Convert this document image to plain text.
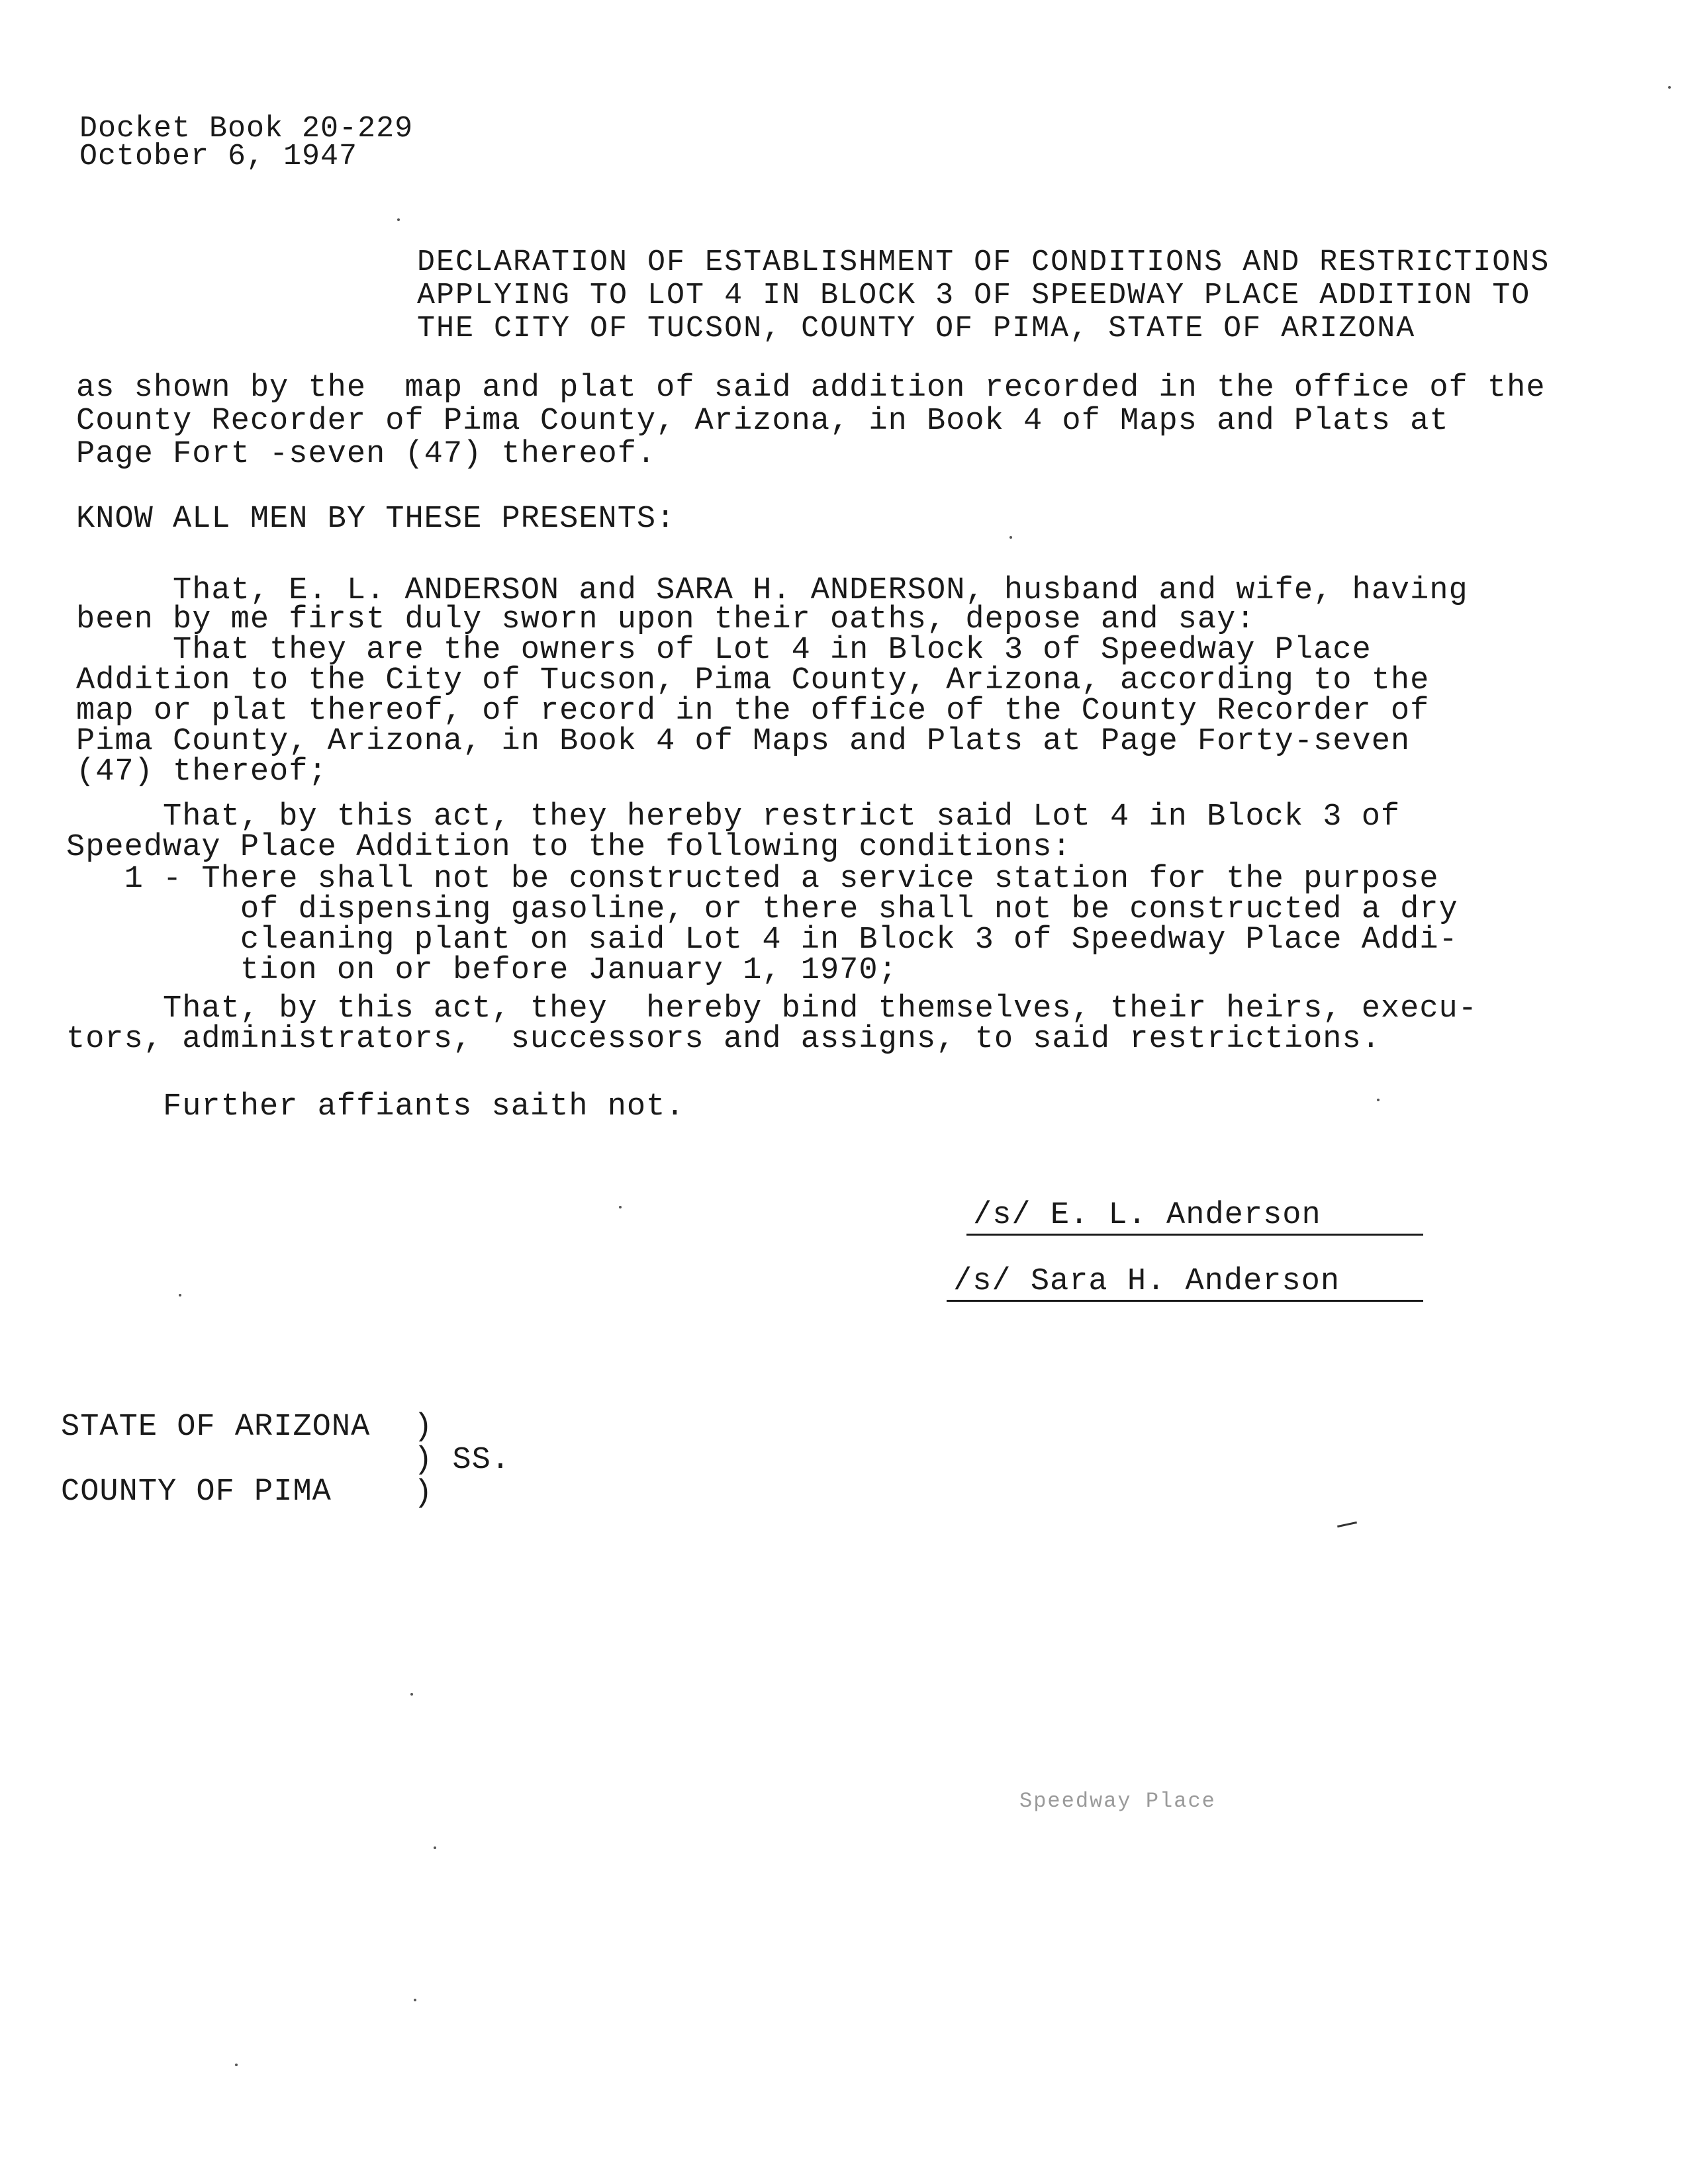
Docket Book 20-229
October 6, 1947
DECLARATION OF ESTABLISHMENT OF CONDITIONS AND RESTRICTIONS
APPLYING TO LOT 4 IN BLOCK 3 OF SPEEDWAY PLACE ADDITION TO
THE CITY OF TUCSON, COUNTY OF PIMA, STATE OF ARIZONA
as shown by the  map and plat of said addition recorded in the office of the
County Recorder of Pima County, Arizona, in Book 4 of Maps and Plats at
Page Fort -seven (47) thereof.
KNOW ALL MEN BY THESE PRESENTS:
That, E. L. ANDERSON and SARA H. ANDERSON, husband and wife, having
been by me first duly sworn upon their oaths, depose and say:
That they are the owners of Lot 4 in Block 3 of Speedway Place
Addition to the City of Tucson, Pima County, Arizona, according to the
map or plat thereof, of record in the office of the County Recorder of
Pima County, Arizona, in Book 4 of Maps and Plats at Page Forty-seven
(47) thereof;
That, by this act, they hereby restrict said Lot 4 in Block 3 of
Speedway Place Addition to the following conditions:
1 - There shall not be constructed a service station for the purpose
of dispensing gasoline, or there shall not be constructed a dry
cleaning plant on said Lot 4 in Block 3 of Speedway Place Addi-
tion on or before January 1, 1970;
That, by this act, they  hereby bind themselves, their heirs, execu-
tors, administrators,  successors and assigns, to said restrictions.
Further affiants saith not.
/s/ E. L. Anderson
/s/ Sara H. Anderson
STATE OF ARIZONA
COUNTY OF PIMA
)
) SS.
)
Speedway Place
